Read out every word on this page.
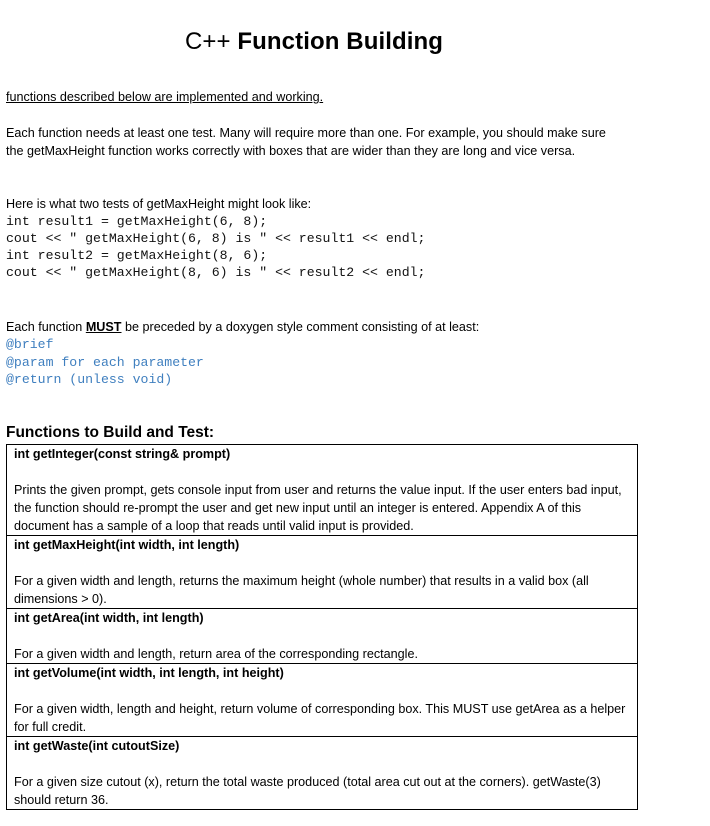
C++ Function Building
functions described below are implemented and working.
Each function needs at least one test. Many will require more than one. For example, you should make sure the getMaxHeight function works correctly with boxes that are wider than they are long and vice versa.
Here is what two tests of getMaxHeight might look like:
int result1 = getMaxHeight(6, 8);
cout << " getMaxHeight(6, 8) is " << result1 << endl;
int result2 = getMaxHeight(8, 6);
cout << " getMaxHeight(8, 6) is " << result2 << endl;
Each function MUST be preceded by a doxygen style comment consisting of at least:
@brief
@param for each parameter
@return (unless void)
Functions to Build and Test:
int getInteger(const string& prompt)
Prints the given prompt, gets console input from user and returns the value input. If the user enters bad input, the function should re-prompt the user and get new input until an integer is entered. Appendix A of this document has a sample of a loop that reads until valid input is provided.
int getMaxHeight(int width, int length)
For a given width and length, returns the maximum height (whole number) that results in a valid box (all dimensions > 0).
int getArea(int width, int length)
For a given width and length, return area of the corresponding rectangle.
int getVolume(int width, int length, int height)
For a given width, length and height, return volume of corresponding box. This MUST use getArea as a helper for full credit.
int getWaste(int cutoutSize)
For a given size cutout (x), return the total waste produced (total area cut out at the corners). getWaste(3) should return 36.
